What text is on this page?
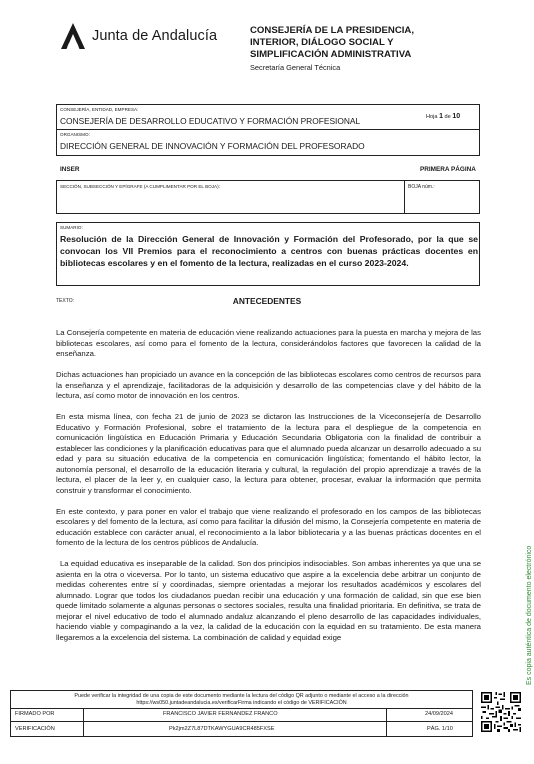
Junta de Andalucía	CONSEJERÍA DE LA PRESIDENCIA, INTERIOR, DIÁLOGO SOCIAL Y SIMPLIFICACIÓN ADMINISTRATIVA
Secretaría General Técnica
CONSEJERÍA, ENTIDAD, EMPRESA:
CONSEJERÍA DE DESARROLLO EDUCATIVO Y FORMACIÓN PROFESIONAL
ORGANISMO:
DIRECCIÓN GENERAL DE INNOVACIÓN Y FORMACIÓN DEL PROFESORADO
Hoja 1 de 10
INSER	PRIMERA PÁGINA
SECCIÓN, SUBSECCIÓN Y EPÍGRAFE (A CUMPLIMENTAR POR EL BOJA):	BOJA núm.:
SUMARIO:
Resolución de la Dirección General de Innovación y Formación del Profesorado, por la que se convocan los VII Premios para el reconocimiento a centros con buenas prácticas docentes en bibliotecas escolares y en el fomento de la lectura, realizadas en el curso 2023-2024.
TEXTO:	ANTECEDENTES

La Consejería competente en materia de educación viene realizando actuaciones para la puesta en marcha y mejora de las bibliotecas escolares, así como para el fomento de la lectura, considerándolos factores que favorecen la calidad de la enseñanza.

Dichas actuaciones han propiciado un avance en la concepción de las bibliotecas escolares como centros de recursos para la enseñanza y el aprendizaje, facilitadoras de la adquisición y desarrollo de las competencias clave y del hábito de la lectura, así como motor de innovación en los centros.

En esta misma línea, con fecha 21 de junio de 2023 se dictaron las Instrucciones de la Viceconsejería de Desarrollo Educativo y Formación Profesional, sobre el tratamiento de la lectura para el despliegue de la competencia en comunicación lingüística en Educación Primaria y Educación Secundaria Obligatoria con la finalidad de contribuir a establecer las condiciones y la planificación educativas para que el alumnado pueda alcanzar un desarrollo adecuado a su edad y para su situación educativa de la competencia en comunicación lingüística; fomentando el hábito lector, la autonomía personal, el desarrollo de la educación literaria y cultural, la regulación del propio aprendizaje a través de la lectura, el placer de la leer y, en cualquier caso, la lectura para obtener, procesar, evaluar la información que permita construir y transformar el conocimiento.

En este contexto, y para poner en valor el trabajo que viene realizando el profesorado en los campos de las bibliotecas escolares y del fomento de la lectura, así como para facilitar la difusión del mismo, la Consejería competente en materia de educación establece con carácter anual, el reconocimiento a la labor bibliotecaria y a las buenas prácticas docentes en el fomento de la lectura de los centros públicos de Andalucía.

La equidad educativa es inseparable de la calidad. Son dos principios indisociables. Son ambas inherentes ya que una se asienta en la otra o viceversa. Por lo tanto, un sistema educativo que aspire a la excelencia debe arbitrar un conjunto de medidas coherentes entre sí y coordinadas, siempre orientadas a mejorar los resultados académicos y escolares del alumnado. Lograr que todos los ciudadanos puedan recibir una educación y una formación de calidad, sin que ese bien quede limitado solamente a algunas personas o sectores sociales, resulta una finalidad prioritaria. En definitiva, se trata de mejorar el nivel educativo de todo el alumnado andaluz alcanzando el pleno desarrollo de las capacidades individuales, haciendo viable y compaginando a la vez, la calidad de la educación con la equidad en su tratamiento. De esta manera llegaremos a la excelencia del sistema. La combinación de calidad y equidad exige	Es copia auténtica de documento electrónico
Puede verificar la integridad de una copia de este documento mediante la lectura del código QR adjunto o mediante el acceso a la dirección https://ws050.juntadeandalucia.es/verificarFirma indicando el código de VERIFICACIÓN
FIRMADO POR	FRANCISCO JAVIER FERNANDEZ FRANCO	24/09/2024
VERIFICACIÓN	Pk2jm2Z7L87DTKAWYGUA9CR485FXSE	PÁG. 1/10
